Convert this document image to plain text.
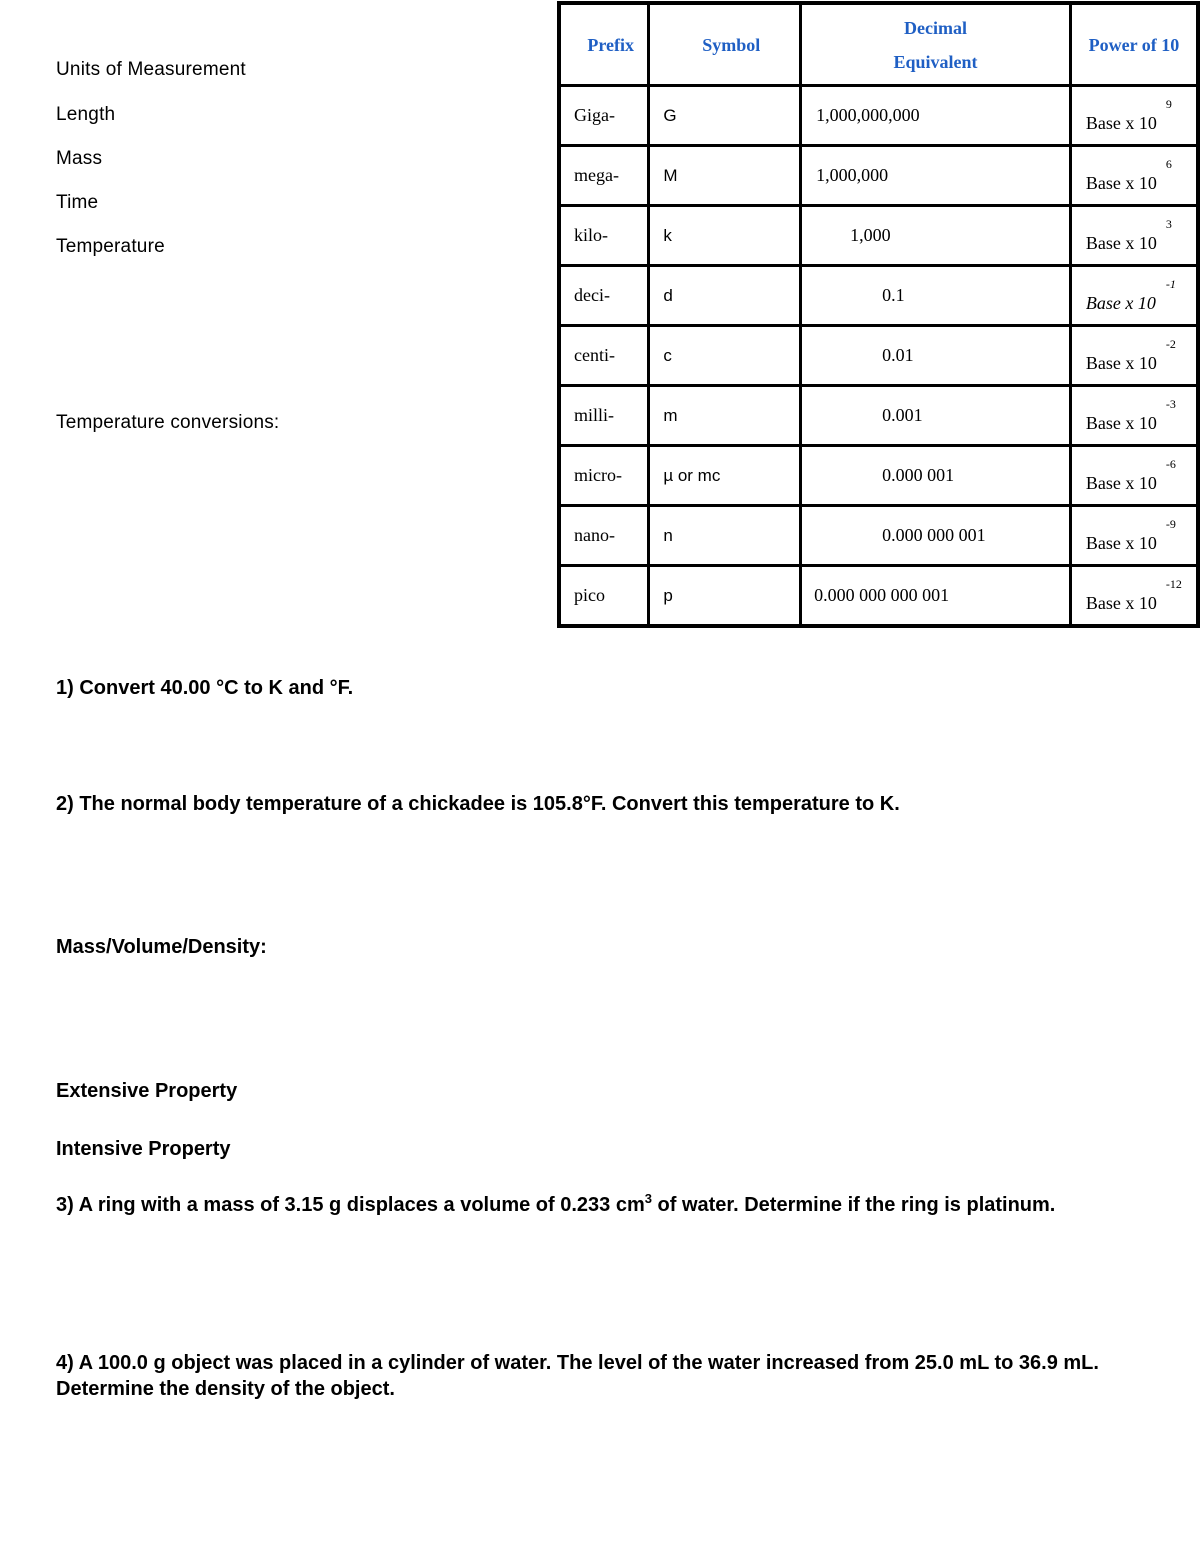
Units of Measurement
Length
Mass
Time
Temperature
Temperature conversions:
Prefix	Symbol	Decimal
Equivalent	Power of 10
Giga-	G	1,000,000,000	Base x 10
9

mega-	M	1,000,000	Base x 10
6

kilo-	k	1,000	Base x 10
3

deci-	d	0.1	Base x 10
-1

centi-	c	0.01	Base x 10
-2

milli-	m	0.001	Base x 10
-3

micro-	µ or mc	0.000 001	Base x 10
-6

nano-	n	0.000 000 001	Base x 10
-9

pico	p	0.000 000 000 001	Base x 10
-12
1) Convert 40.00 °C to K and °F.
2) The normal body temperature of a chickadee is 105.8°F. Convert this temperature to K.
Mass/Volume/Density:
Extensive Property
Intensive Property
3) A ring with a mass of 3.15 g displaces a volume of 0.233 $cm^3$ of water. Determine if the ring is platinum.
4) A 100.0 g object was placed in a cylinder of water. The level of the water increased from 25.0 mL to 36.9 mL.
Determine the density of the object.
